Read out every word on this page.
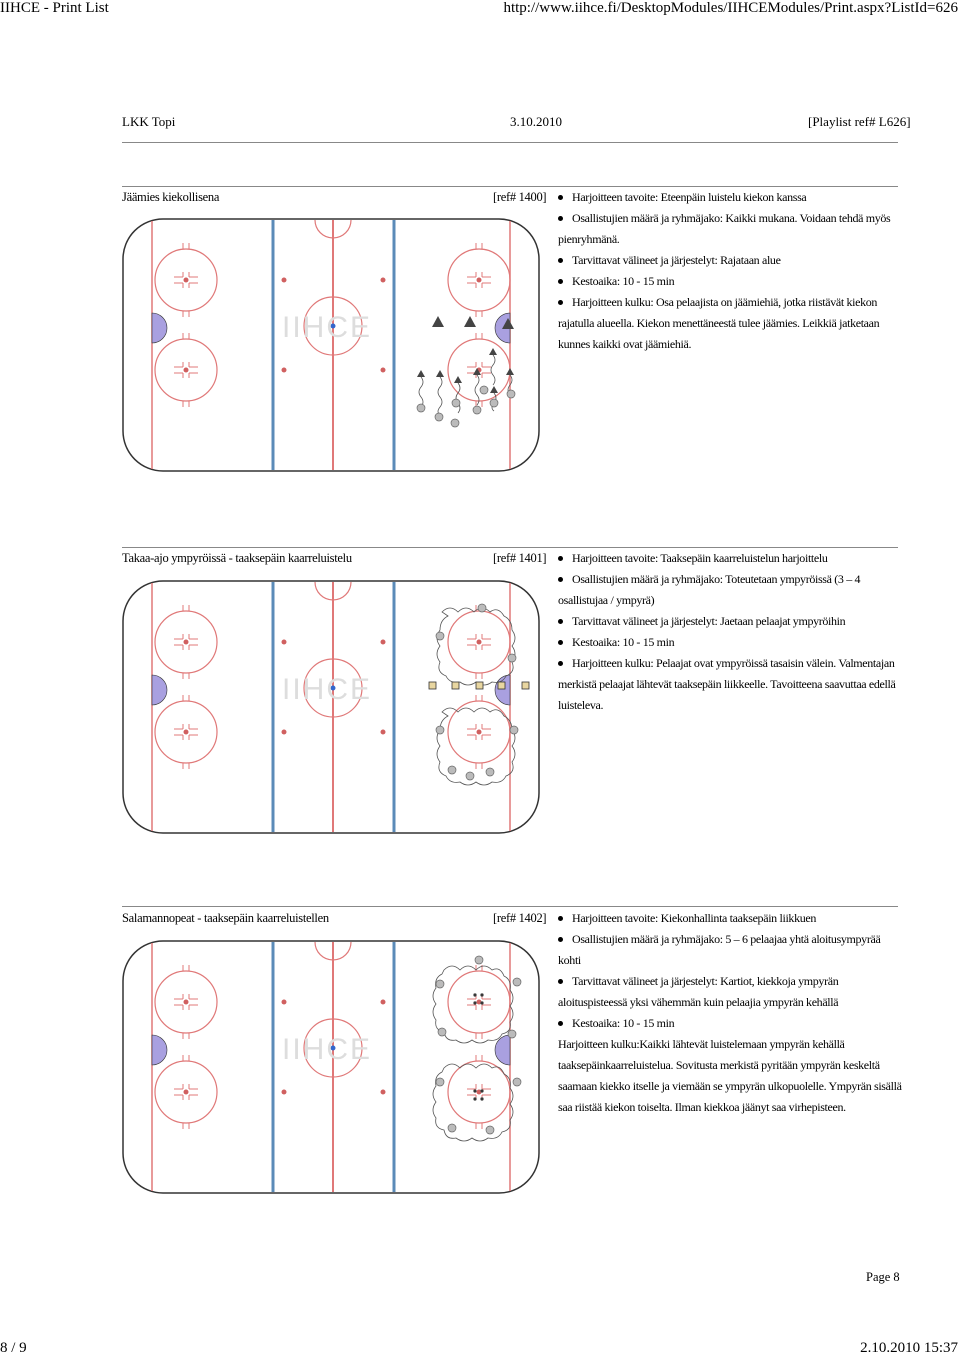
IIHCE - Print List	http://www.iihce.fi/DesktopModules/IIHCEModules/Print.aspx?ListId=626
LKK Topi	3.10.2010	[Playlist ref# L626]
Jäämies kiekollisena	[ref# 1400]	Harjoitteen tavoite: Eteenpäin luistelu kiekon kanssa
Osallistujien määrä ja ryhmäjako: Kaikki mukana. Voidaan tehdä myös pienryhmänä.
Tarvittavat välineet ja järjestelyt: Rajataan alue
Kestoaika: 10 - 15 min
Harjoitteen kulku: Osa pelaajista on jäämiehiä, jotka riistävät kiekon rajatulla alueella. Kiekon menettäneestä tulee jäämies. Leikkiä jatketaan kunnes kaikki ovat jäämiehiä.
IIHCE
Takaa-ajo ympyröissä - taaksepäin kaarreluistelu	[ref# 1401]	Harjoitteen tavoite: Taaksepäin kaarreluistelun harjoittelu
Osallistujien määrä ja ryhmäjako: Toteutetaan ympyröissä (3 – 4 osallistujaa / ympyrä)
Tarvittavat välineet ja järjestelyt: Jaetaan pelaajat ympyröihin
Kestoaika: 10 - 15 min
Harjoitteen kulku: Pelaajat ovat ympyröissä tasaisin välein. Valmentajan merkistä pelaajat lähtevät taaksepäin liikkeelle. Tavoitteena saavuttaa edellä luisteleva.
IIHCE
Salamannopeat - taaksepäin kaarreluistellen	[ref# 1402]	Harjoitteen tavoite: Kiekonhallinta taaksepäin liikkuen
Osallistujien määrä ja ryhmäjako: 5 – 6 pelaajaa yhtä aloitusympyrää kohti
Tarvittavat välineet ja järjestelyt: Kartiot, kiekkoja ympyrän aloituspisteessä yksi vähemmän kuin pelaajia ympyrän kehällä
Kestoaika: 10 - 15 min
Harjoitteen kulku:Kaikki lähtevät luistelemaan ympyrän kehällä taaksepäinkaarreluistelua. Sovitusta merkistä pyritään ympyrän keskeltä saamaan kiekko itselle ja viemään se ympyrän ulkopuolelle. Ympyrän sisällä saa riistää kiekon toiselta. Ilman kiekkoa jäänyt saa virhepisteen.
IIHCE
Page 8
8 / 9	2.10.2010 15:37
